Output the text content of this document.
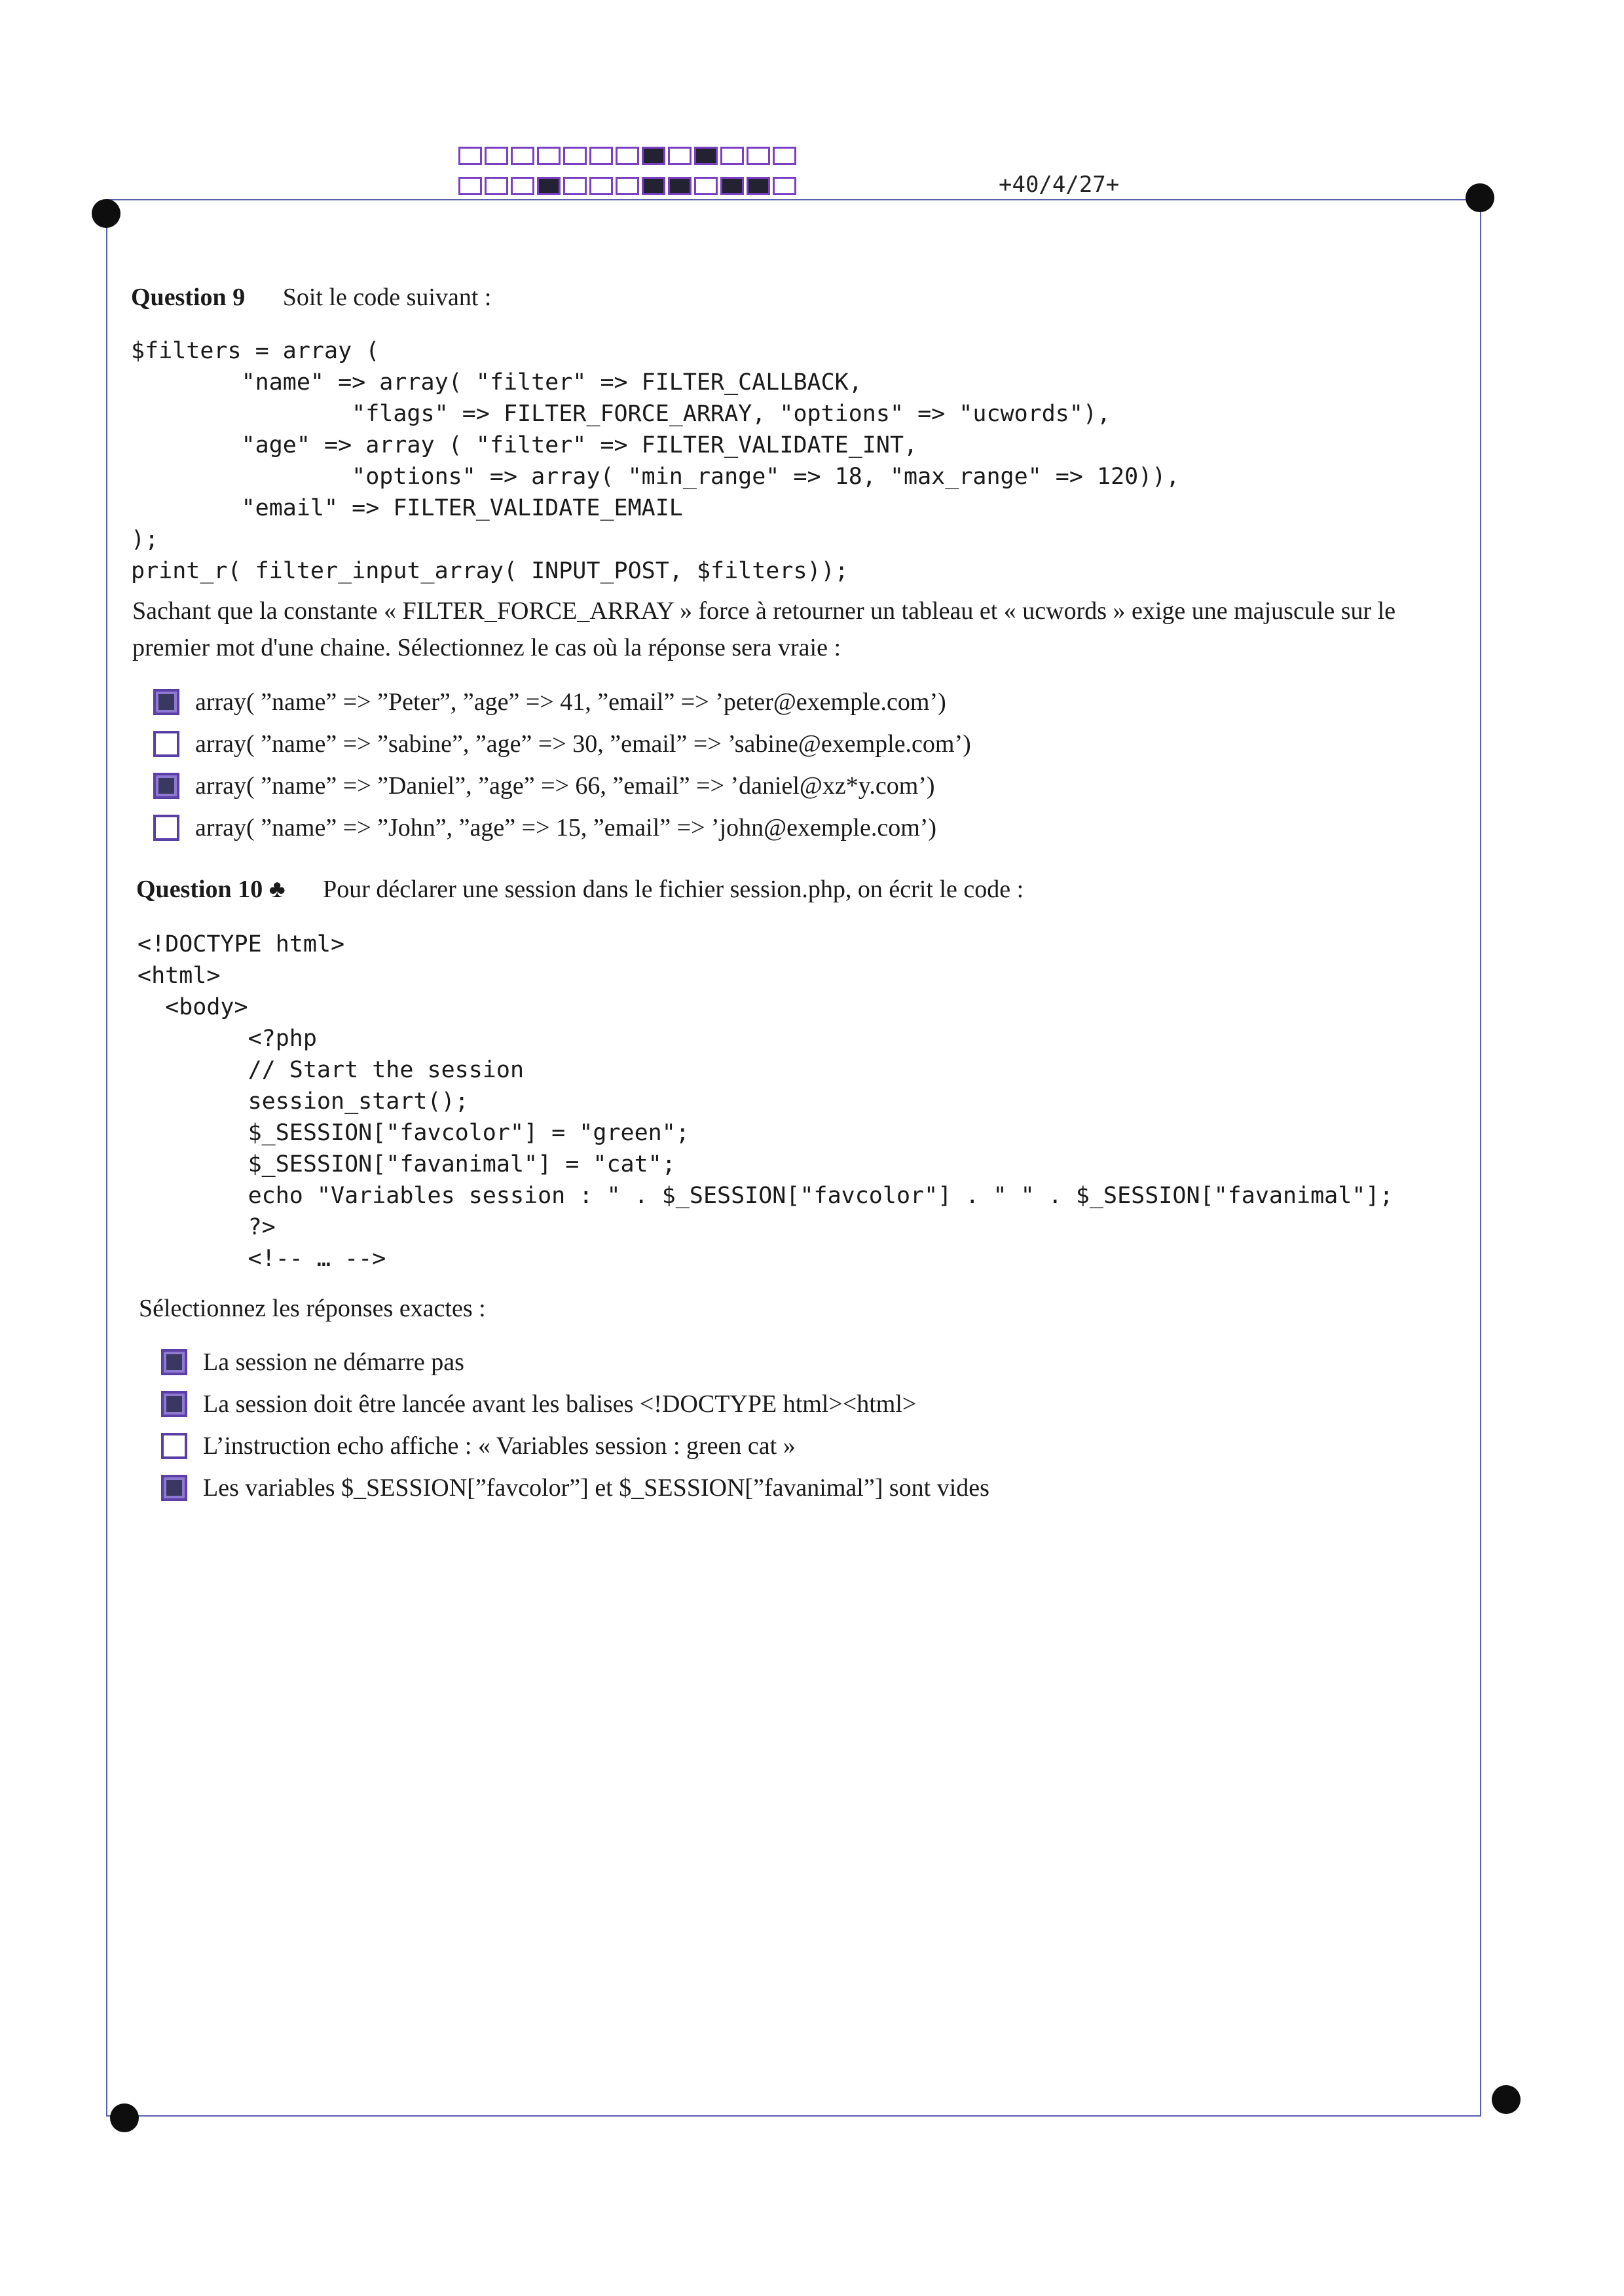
+40/4/27+
Question 9 Soit le code suivant :
$filters = array (
"name" => array( "filter" => FILTER_CALLBACK,
"flags" => FILTER_FORCE_ARRAY, "options" => "ucwords"),
"age" => array ( "filter" => FILTER_VALIDATE_INT,
"options" => array( "min_range" => 18, "max_range" => 120)),
"email" => FILTER_VALIDATE_EMAIL
);
print_r( filter_input_array( INPUT_POST, $filters));
Sachant que la constante « FILTER_FORCE_ARRAY » force à retourner un tableau et « ucwords » exige une majuscule sur le premier mot d'une chaine. Sélectionnez le cas où la réponse sera vraie :
array( ”name” => ”Peter”, ”age” => 41, ”email” => ’peter@exemple.com’)
array( ”name” => ”sabine”, ”age” => 30, ”email” => ’sabine@exemple.com’)
array( ”name” => ”Daniel”, ”age” => 66, ”email” => ’daniel@xz*y.com’)
array( ”name” => ”John”, ”age” => 15, ”email” => ’john@exemple.com’)
Question 10 ♣ Pour déclarer une session dans le fichier session.php, on écrit le code :
<!DOCTYPE html>
<html>
<body>
<?php
// Start the session
session_start();
$_SESSION["favcolor"] = "green";
$_SESSION["favanimal"] = "cat";
echo "Variables session : " . $_SESSION["favcolor"] . " " . $_SESSION["favanimal"];
?>
<!-- … -->
Sélectionnez les réponses exactes :
La session ne démarre pas
La session doit être lancée avant les balises <!DOCTYPE html><html>
L’instruction echo affiche : « Variables session : green cat »
Les variables $_SESSION[”favcolor”] et $_SESSION[”favanimal”] sont vides
